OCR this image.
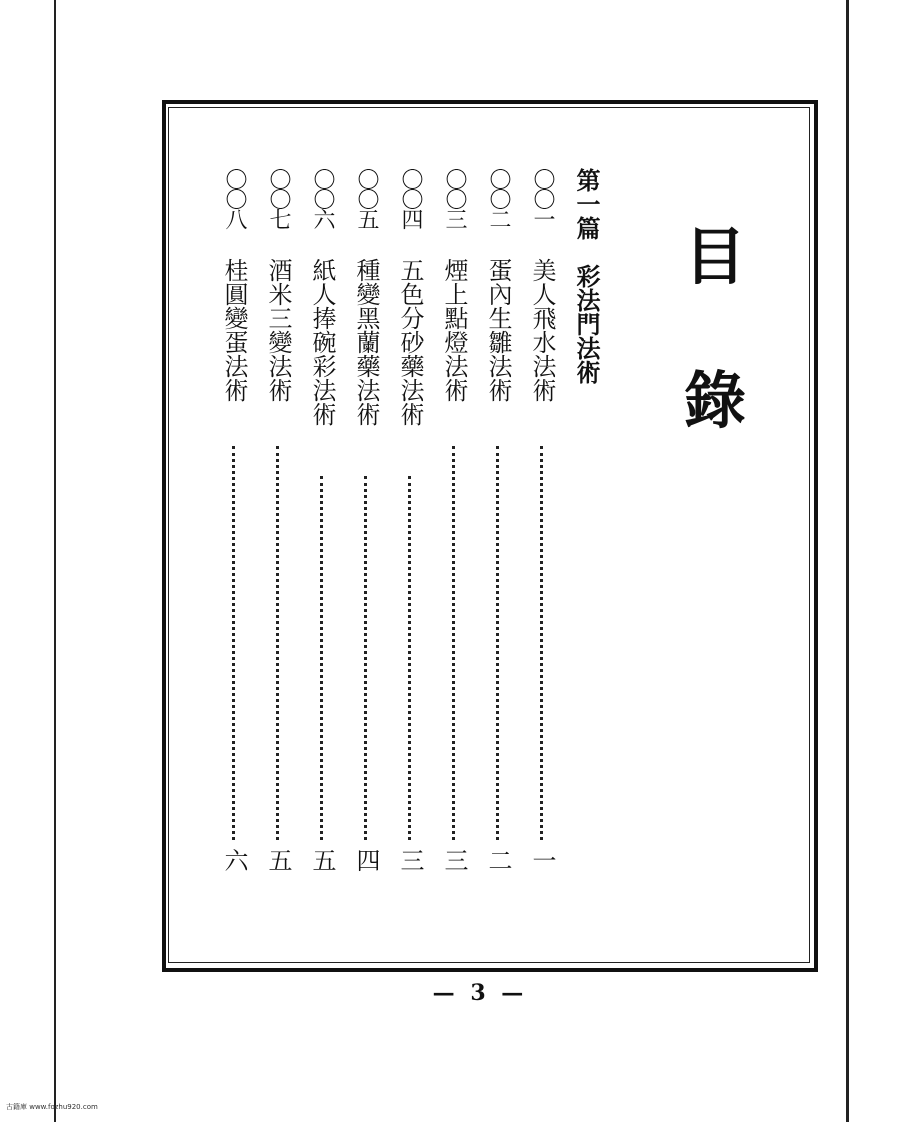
目
錄
第一篇　彩法門法術
〇〇一
美人飛水法術
一
〇〇二
蛋內生雛法術
二
〇〇三
煙上點燈法術
三
〇〇四
五色分砂藥法術
三
〇〇五
種變黑蘭藥法術
四
〇〇六
紙人捧碗彩法術
五
〇〇七
酒米三變法術
五
〇〇八
桂圓變蛋法術
六
— 3 —
古籍庫 www.fozhu920.com
